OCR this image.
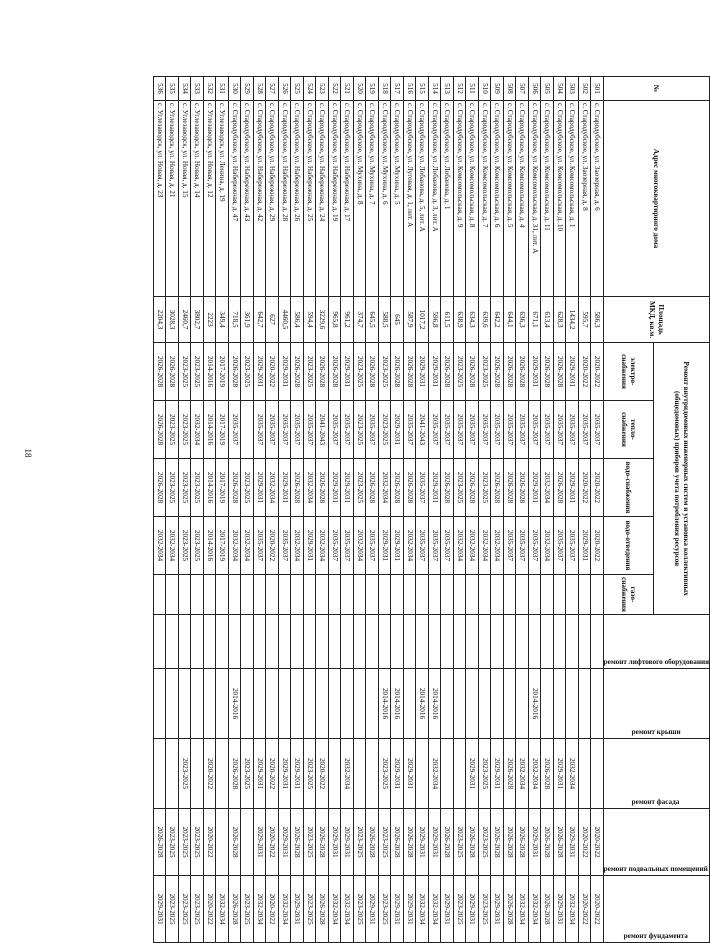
18
№	Адрес многоквартирного дома	Площадь МКД, кв.м.	Ремонт внутридомовых инженерных систем и установка коллективных (общедомовых) приборов учета потребления ресурсов					ремонт лифтового оборудования	ремонт крыши	ремонт фасада	ремонт подвальных помещений	ремонт фундамента
			электро-снабжения	тепло-снабжения	водо-снабжения	водо-отведения	газо-снабжения					
501	с. Стародубское, ул. Заозерная, д. 6	586,3	2020-2022	2035-2037	2020-2022	2020-2022					2020-2022	2020-2022
502	с. Стародубское, ул. Заозерная, д. 8	595,7	2020-2022	2035-2037	2020-2022	2029-2031					2020-2022	2020-2022
503	с. Стародубское, ул. Комсомольская, д. 1	1434,2	2029-2031	2035-2037	2029-2031	2035-2037				2032-2034	2029-2031	2032-2034
504	с. Стародубское, ул. Комсомольская, д. 10	628,3	2026-2028	2035-2037	2026-2028	2035-2037				2029-2031	2026-2028	2029-2031
505	с. Стародубское, ул. Комсомольская, д. 11	613,4	2026-2028	2035-2037	2032-2034	2032-2034				2026-2028	2026-2028	2026-2028
506	с. Стародубское, ул. Комсомольская, д. 31, лит. А	671,1	2029-2031	2035-2037	2029-2031	2035-2037			2014-2016	2032-2034	2029-2031	2032-2034
507	с. Стародубское, ул. Комсомольская, д. 4	636,3	2026-2028	2035-2037	2026-2028	2035-2037				2032-2034	2026-2028	2032-2034
508	с. Стародубское, ул. Комсомольская, д. 5	644,1	2026-2028	2035-2037	2026-2028	2035-2037				2026-2028	2026-2028	2026-2028
509	с. Стародубское, ул. Комсомольская, д. 6	642,2	2026-2028	2035-2037	2026-2028	2032-2034				2029-2031	2026-2028	2029-2031
510	с. Стародубское, ул. Комсомольская, д. 7	639,6	2023-2025	2035-2037	2023-2025	2032-2034				2023-2025	2023-2025	2023-2025
511	с. Стародубское, ул. Комсомольская, д. 8	634,3	2026-2028	2035-2037	2026-2028	2032-2034				2029-2031	2026-2028	2029-2031
512	с. Стародубское, ул. Комсомольская, д. 9	638,9	2023-2025	2035-2037	2023-2025	2032-2034					2023-2025	2023-2025
513	с. Стародубское, ул. Лобанова, д. 1	611,5	2026-2028	2035-2037	2026-2028	2035-2037					2026-2028	2029-2031
514	с. Стародубское, ул. Лобанова, д. 3, лит. А	596,8	2029-2031	2035-2037	2029-2031	2035-2037			2014-2016	2032-2034	2029-2031	2032-2034
515	с. Стародубское, ул. Лобанова, д. 5, лит. А	1017,2	2029-2031	2041-2043	2035-2037	2035-2037			2014-2016		2029-2031	2032-2034
516	с. Стародубское, ул. Луговая, д. 1, лит. А	587,9	2026-2028	2035-2037	2026-2028	2032-2034				2029-2031	2026-2028	2029-2031
517	с. Стародубское, ул. Мухина, д. 5	645	2026-2028	2029-2031	2026-2028	2029-2031			2014-2016	2029-2031	2026-2028	2029-2031
518	с. Стародубское, ул. Мухина, д. 6	588,5	2023-2025	2023-2025	2032-2034	2029-2031			2014-2016	2023-2025	2023-2025	2023-2025
519	с. Стародубское, ул. Мухина, д. 7	645,5	2026-2028	2035-2037	2026-2028	2035-2037					2026-2028	2029-2031
520	с. Стародубское, ул. Мухина, д. 8	374,7	2023-2025	2023-2025	2023-2025	2032-2034					2023-2025	2023-2025
521	с. Стародубское, ул. Набережная, д. 17	961,2	2029-2031	2035-2037	2029-2031	2035-2037				2032-2034	2029-2031	2032-2034
522	с. Стародубское, ул. Набережная, д. 19	965,8	2026-2028	2035-2037	2029-2031	2035-2037					2029-2031	2032-2034
523	с. Стародубское, ул. Набережная, д. 24	3229,6	2026-2028	2041-2043	2026-2028	2032-2034				2020-2022	2026-2028	2026-2028
524	с. Стародубское, ул. Набережная, д. 25	594,4	2023-2025	2035-2037	2032-2034	2029-2031				2023-2025	2023-2025	2023-2025
525	с. Стародубское, ул. Набережная, д. 26	586,4	2026-2028	2035-2037	2026-2028	2032-2034				2029-2031	2026-2028	2029-2031
526	с. Стародубское, ул. Набережная, д. 28	4460,5	2029-2031	2035-2037	2029-2031	2035-2037				2029-2031	2029-2031	2032-2034
527	с. Стародубское, ул. Набережная, д. 29	627	2020-2022	2035-2037	2032-2034	2020-2022				2020-2022	2020-2022	2020-2022
528	с. Стародубское, ул. Набережная, д. 42	642,7	2029-2031	2035-2037	2029-2031	2035-2037				2029-2031	2029-2031	2032-2034
529	с. Стародубское, ул. Набережная, д. 43	361,9	2023-2025		2023-2025	2032-2034				2023-2025		2023-2025
530	с. Стародубское, ул. Набережная, д. 47	718,5	2026-2028	2035-2037	2026-2028	2032-2034			2014-2016	2026-2028	2026-2028	2026-2028
531	с. Углезаводск, ул. Ленина, д. 19	349,4	2017-2019	2017-2019	2017-2019	2017-2019						2032-2034
532	с. Углезаводск, ул. Новая, д. 12	2223	2014-2016	2014-2016	2014-2016	2014-2016				2020-2022	2020-2022	2020-2022
533	с. Углезаводск, ул. Новая, д. 14	3802,7	2023-2025	2032-2034	2023-2025	2023-2025					2023-2025	2023-2025
534	с. Углезаводск, ул. Новая, д. 15	2460,7	2023-2025	2023-2025	2023-2025	2023-2025				2023-2025	2023-2025	2023-2025
535	с. Углезаводск, ул. Новая, д. 21	3028,3	2026-2028	2023-2025	2023-2025	2032-2034					2023-2025	2023-2025
536	с. Углезаводск, ул. Новая, д. 23	2204,3	2026-2028	2026-2028	2026-2028	2032-2034					2026-2028	2029-2031
